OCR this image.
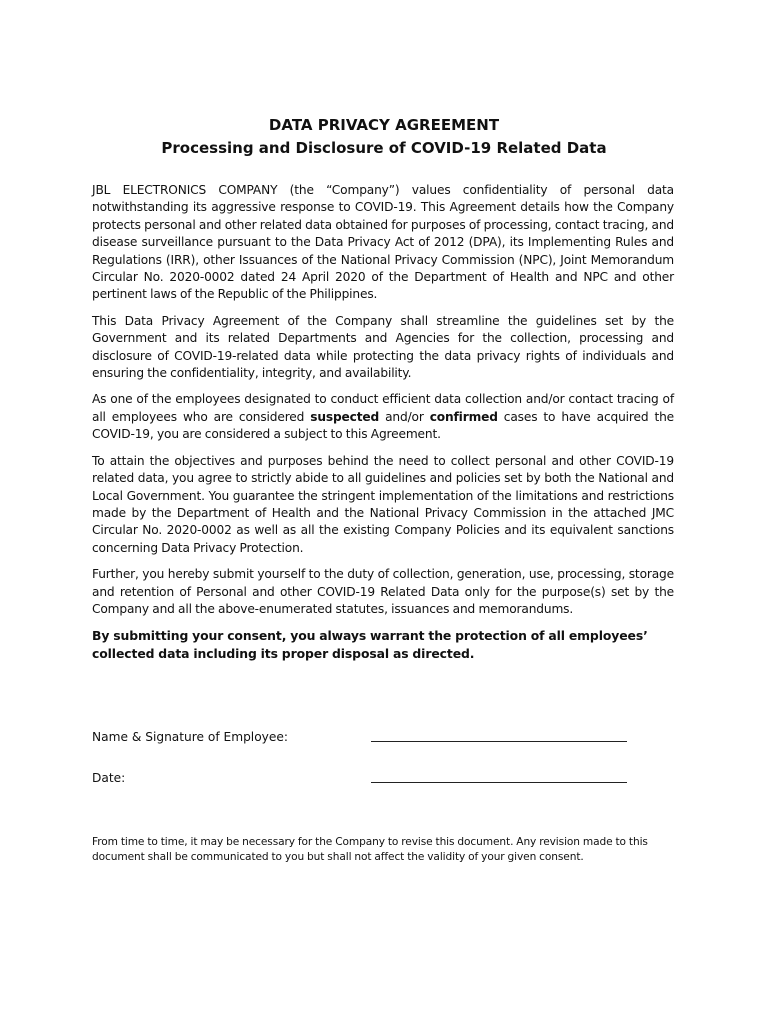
DATA PRIVACY AGREEMENT
Processing and Disclosure of COVID-19 Related Data

JBL ELECTRONICS COMPANY (the “Company”) values confidentiality of personal data notwithstanding its aggressive response to COVID-19. This Agreement details how the Company protects personal and other related data obtained for purposes of processing, contact tracing, and disease surveillance pursuant to the Data Privacy Act of 2012 (DPA), its Implementing Rules and Regulations (IRR), other Issuances of the National Privacy Commission (NPC), Joint Memorandum Circular No. 2020-0002 dated 24 April 2020 of the Department of Health and NPC and other pertinent laws of the Republic of the Philippines.

This Data Privacy Agreement of the Company shall streamline the guidelines set by the Government and its related Departments and Agencies for the collection, processing and disclosure of COVID-19-related data while protecting the data privacy rights of individuals and ensuring the confidentiality, integrity, and availability.

As one of the employees designated to conduct efficient data collection and/or contact tracing of all employees who are considered suspected and/or confirmed cases to have acquired the COVID-19, you are considered a subject to this Agreement.

To attain the objectives and purposes behind the need to collect personal and other COVID-19 related data, you agree to strictly abide to all guidelines and policies set by both the National and Local Government. You guarantee the stringent implementation of the limitations and restrictions made by the Department of Health and the National Privacy Commission in the attached JMC Circular No. 2020-0002 as well as all the existing Company Policies and its equivalent sanctions concerning Data Privacy Protection.

Further, you hereby submit yourself to the duty of collection, generation, use, processing, storage and retention of Personal and other COVID-19 Related Data only for the purpose(s) set by the Company and all the above-enumerated statutes, issuances and memorandums.

By submitting your consent, you always warrant the protection of all employees’ collected data including its proper disposal as directed.

Name & Signature of Employee:
Date:
From time to time, it may be necessary for the Company to revise this document. Any revision made to this document shall be communicated to you but shall not affect the validity of your given consent.
